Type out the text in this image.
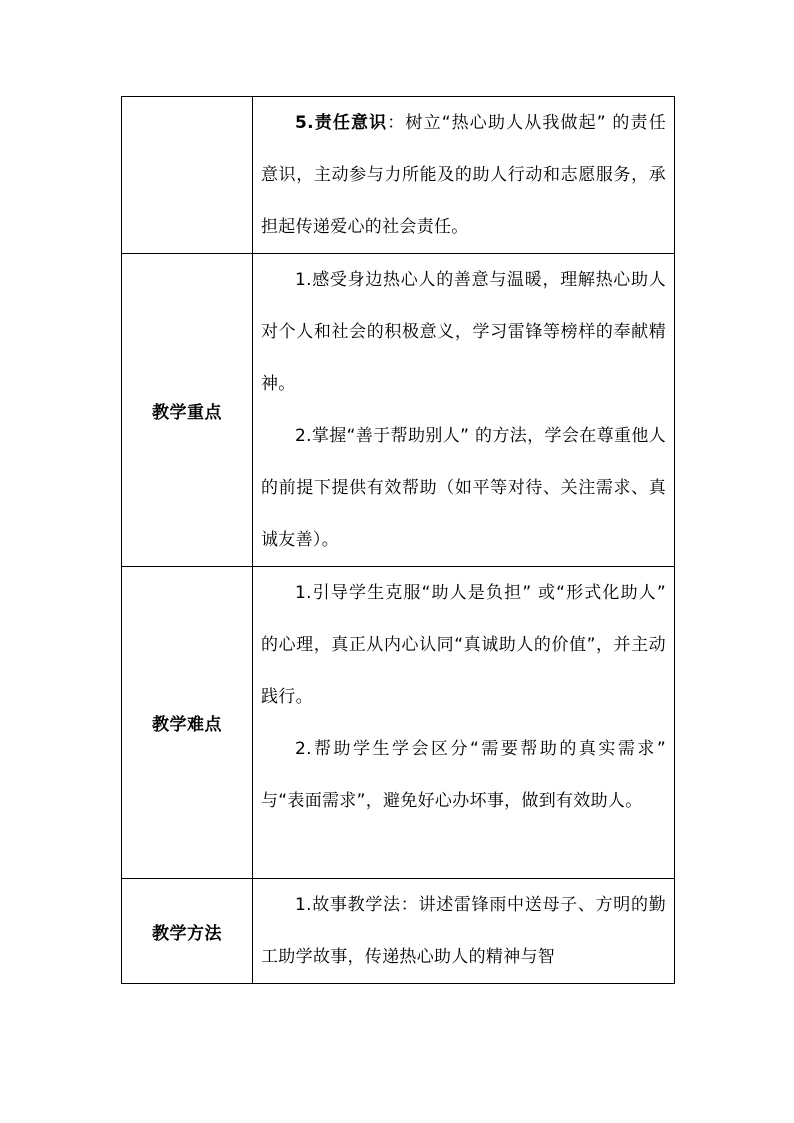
	5.责任意识：树立“热心助人从我做起” 的责任意识，主动参与力所能及的助人行动和志愿服务，承担起传递爱心的社会责任。

教学重点	1.感受身边热心人的善意与温暖，理解热心助人对个人和社会的积极意义，学习雷锋等榜样的奉献精神。

2.掌握“善于帮助别人” 的方法，学会在尊重他人的前提下提供有效帮助（如平等对待、关注需求、真诚友善）。

教学难点	1.引导学生克服“助人是负担” 或“形式化助人” 的心理，真正从内心认同“真诚助人的价值”，并主动践行。

2.帮助学生学会区分“需要帮助的真实需求” 与“表面需求”，避免好心办坏事，做到有效助人。

教学方法	1.故事教学法：讲述雷锋雨中送母子、方明的勤工助学故事，传递热心助人的精神与智
